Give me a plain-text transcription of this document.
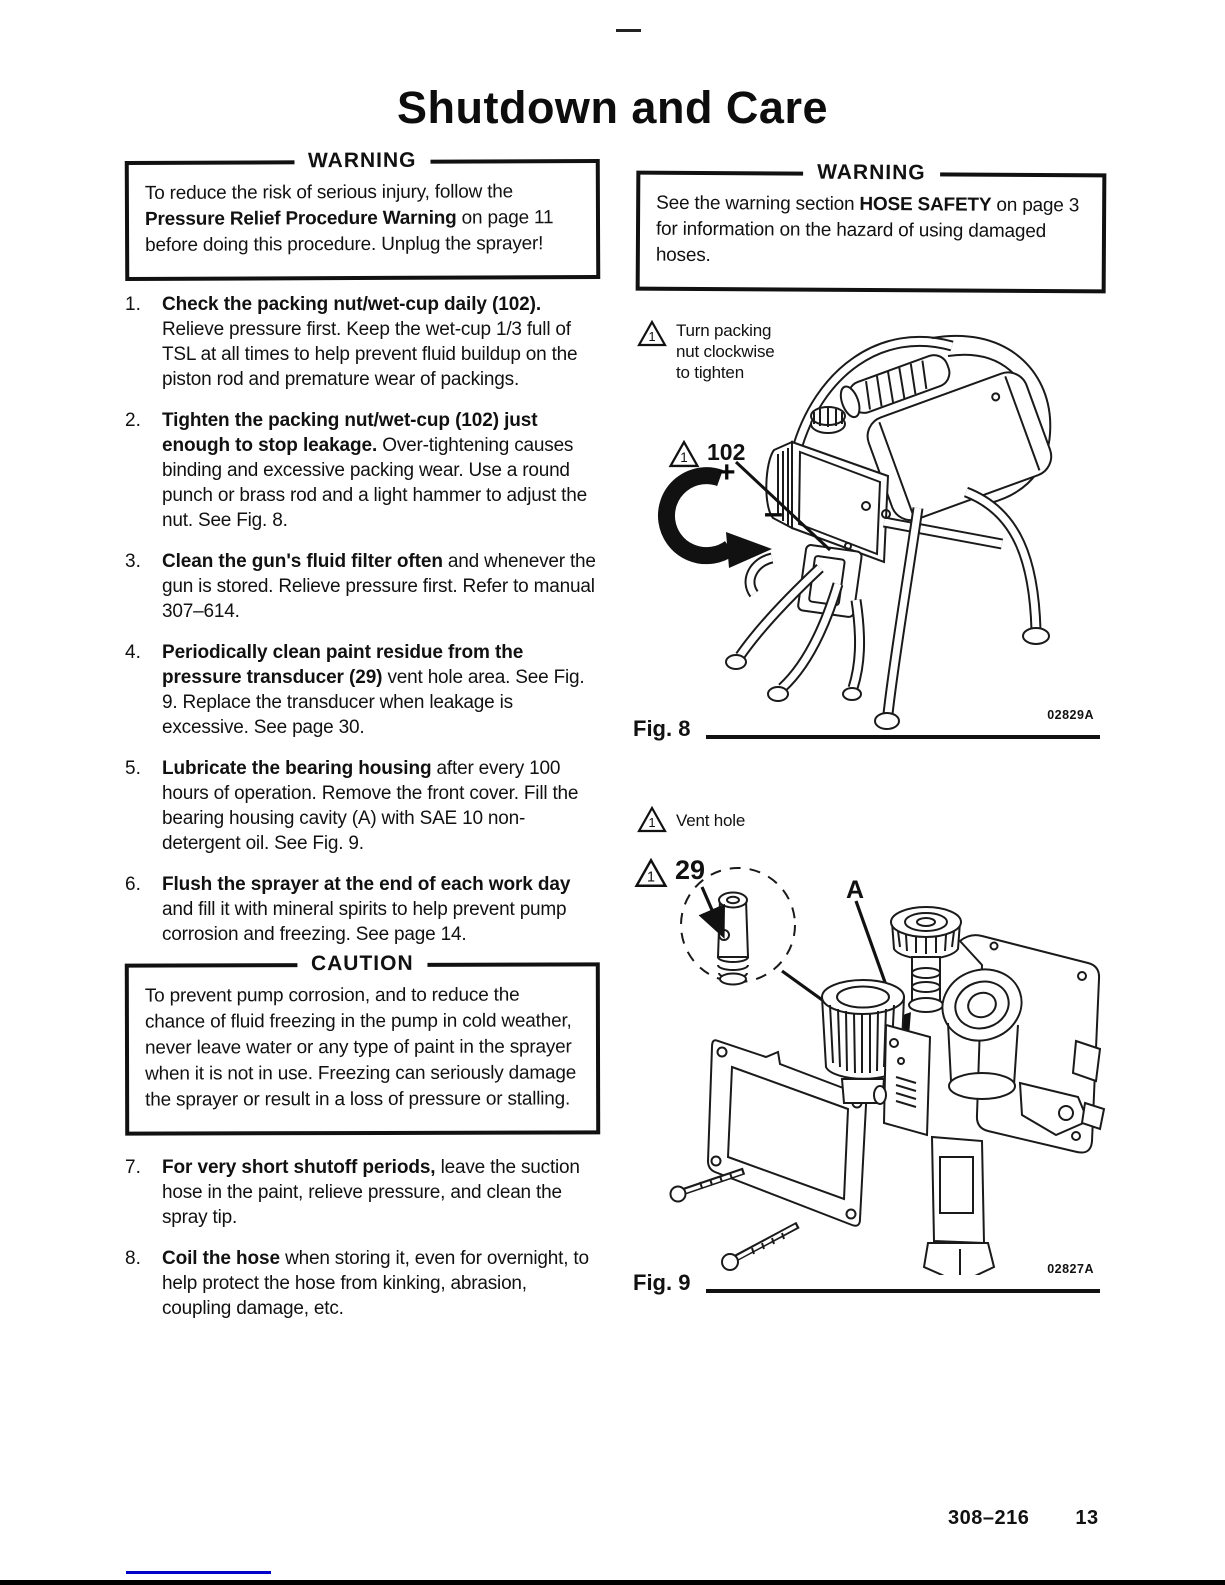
Shutdown and Care
WARNING

To reduce the risk of serious injury, follow the Pressure Relief Procedure Warning on page 11 before doing this procedure. Unplug the sprayer!

WARNING

See the warning section HOSE SAFETY on page 3 for information on the hazard of using damaged hoses.

1.	Check the packing nut/wet-cup daily (102). Relieve pressure first. Keep the wet-cup 1/3 full of TSL at all times to help prevent fluid buildup on the piston rod and premature wear of packings.

2.	Tighten the packing nut/wet-cup (102) just enough to stop leakage. Over-tightening causes binding and excessive packing wear. Use a round punch or brass rod and a light hammer to adjust the nut. See Fig. 8.

3.	Clean the gun's fluid filter often and whenever the gun is stored. Relieve pressure first. Refer to manual 307–614.

4.	Periodically clean paint residue from the pressure transducer (29) vent hole area. See Fig. 9. Replace the transducer when leakage is excessive. See page 30.

5.	Lubricate the bearing housing after every 100 hours of operation. Remove the front cover. Fill the bearing housing cavity (A) with SAE 10 non-detergent oil. See Fig. 9.

6.	Flush the sprayer at the end of each work day and fill it with mineral spirits to help prevent pump corrosion and freezing. See page 14.

CAUTION

To prevent pump corrosion, and to reduce the chance of fluid freezing in the pump in cold weather, never leave water or any type of paint in the sprayer when it is not in use. Freezing can seriously damage the sprayer or result in a loss of pressure or stalling.

7.	For very short shutoff periods, leave the suction hose in the paint, relieve pressure, and clean the spray tip.

8.	Coil the hose when storing it, even for overnight, to help protect the hose from kinking, abrasion, coupling damage, etc.

1 Turn packing nut clockwise to tighten
1 102
+
–
Fig. 8
02829A
1 Vent hole
1 29
A
Fig. 9
02827A
308–216 13
